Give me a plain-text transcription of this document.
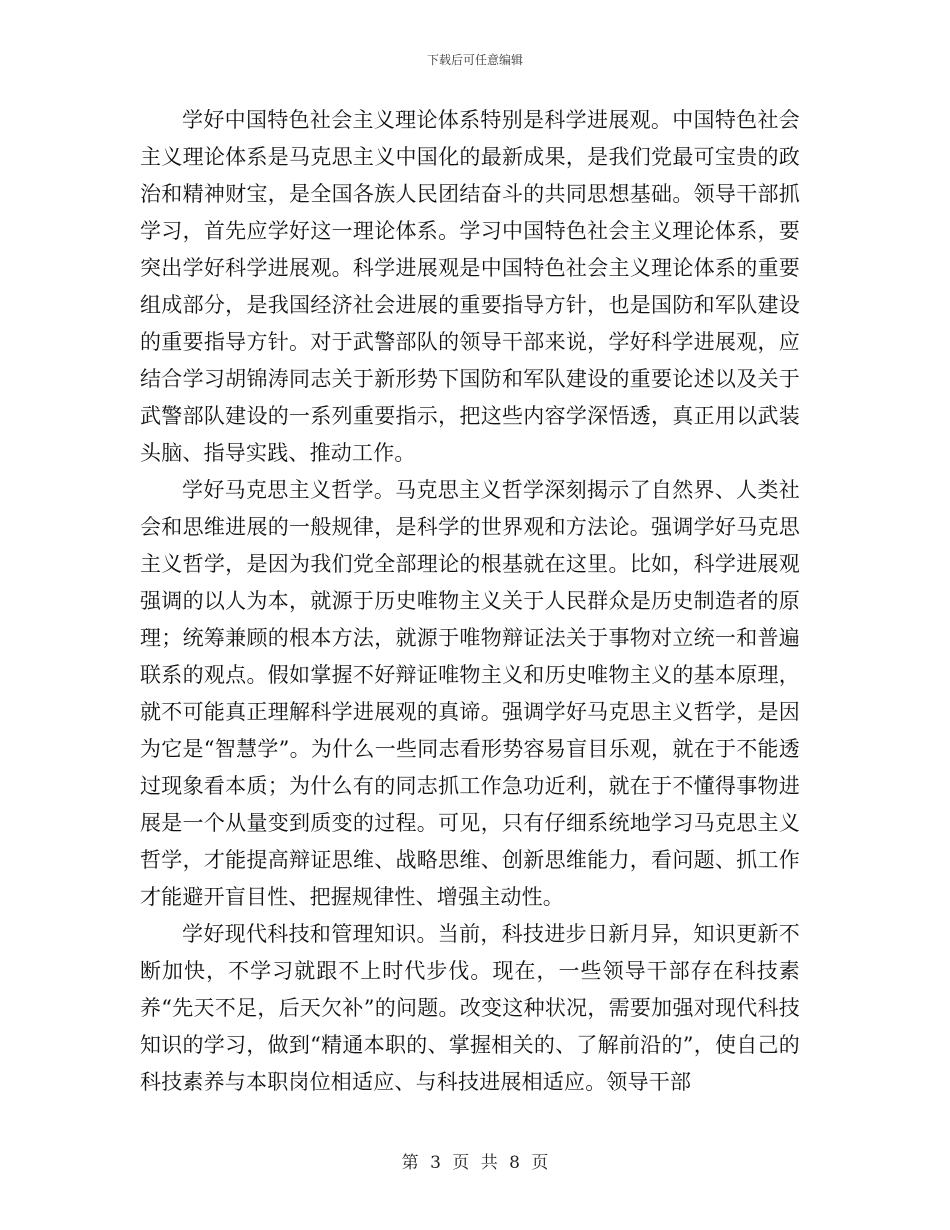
下载后可任意编辑

学好中国特色社会主义理论体系特别是科学进展观。中国特色社会主义理论体系是马克思主义中国化的最新成果，是我们党最可宝贵的政治和精神财宝，是全国各族人民团结奋斗的共同思想基础。领导干部抓学习，首先应学好这一理论体系。学习中国特色社会主义理论体系，要突出学好科学进展观。科学进展观是中国特色社会主义理论体系的重要组成部分，是我国经济社会进展的重要指导方针，也是国防和军队建设的重要指导方针。对于武警部队的领导干部来说，学好科学进展观，应结合学习胡锦涛同志关于新形势下国防和军队建设的重要论述以及关于武警部队建设的一系列重要指示，把这些内容学深悟透，真正用以武装头脑、指导实践、推动工作。

学好马克思主义哲学。马克思主义哲学深刻揭示了自然界、人类社会和思维进展的一般规律，是科学的世界观和方法论。强调学好马克思主义哲学，是因为我们党全部理论的根基就在这里。比如，科学进展观强调的以人为本，就源于历史唯物主义关于人民群众是历史制造者的原理；统筹兼顾的根本方法，就源于唯物辩证法关于事物对立统一和普遍联系的观点。假如掌握不好辩证唯物主义和历史唯物主义的基本原理，就不可能真正理解科学进展观的真谛。强调学好马克思主义哲学，是因为它是“智慧学”。为什么一些同志看形势容易盲目乐观，就在于不能透过现象看本质；为什么有的同志抓工作急功近利，就在于不懂得事物进展是一个从量变到质变的过程。可见，只有仔细系统地学习马克思主义哲学，才能提高辩证思维、战略思维、创新思维能力，看问题、抓工作才能避开盲目性、把握规律性、增强主动性。

学好现代科技和管理知识。当前，科技进步日新月异，知识更新不断加快，不学习就跟不上时代步伐。现在，一些领导干部存在科技素养“先天不足，后天欠补”的问题。改变这种状况，需要加强对现代科技知识的学习，做到“精通本职的、掌握相关的、了解前沿的”，使自己的科技素养与本职岗位相适应、与科技进展相适应。领导干部

第 3 页 共 8 页
